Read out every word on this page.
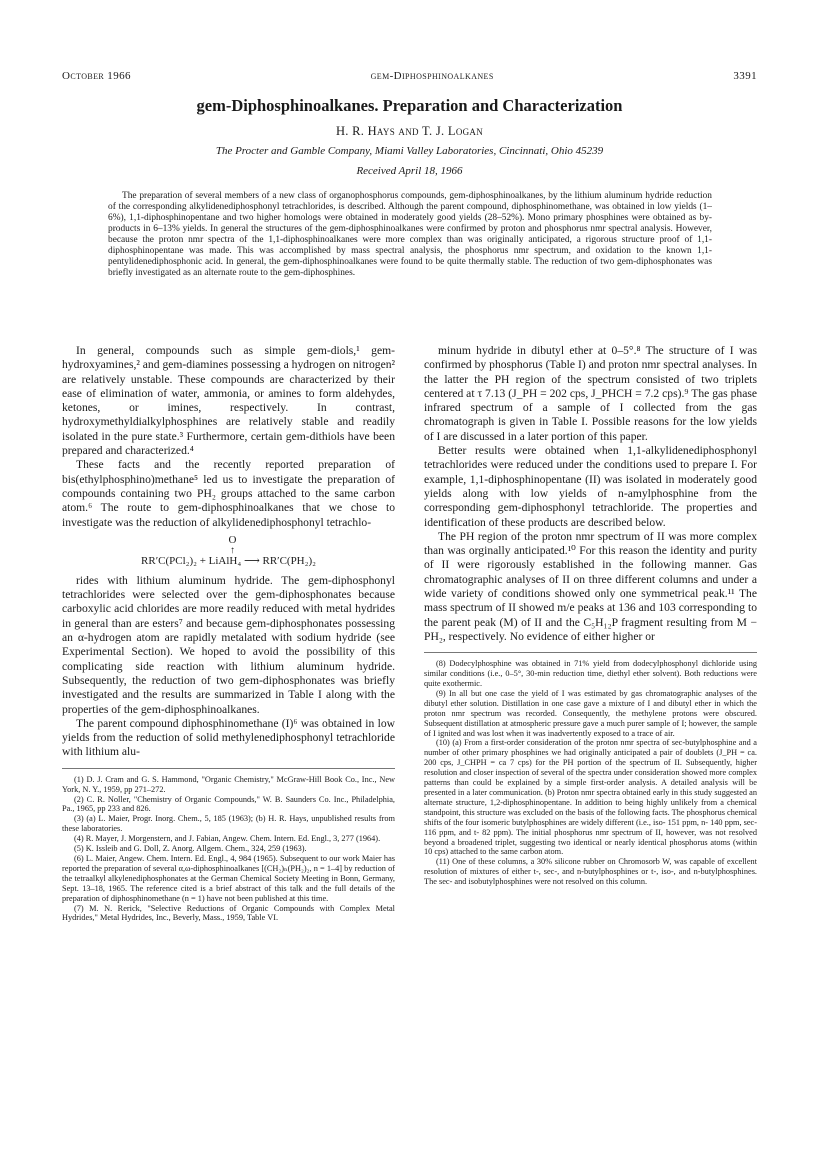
October 1966	gem-Diphosphinoalkanes	3391
gem-Diphosphinoalkanes. Preparation and Characterization

H. R. Hays and T. J. Logan

The Procter and Gamble Company, Miami Valley Laboratories, Cincinnati, Ohio 45239

Received April 18, 1966

The preparation of several members of a new class of organophosphorus compounds, gem-diphosphinoalkanes, by the lithium aluminum hydride reduction of the corresponding alkylidenediphosphonyl tetrachlorides, is described. Although the parent compound, diphosphinomethane, was obtained in low yields (1–6%), 1,1-diphosphinopentane and two higher homologs were obtained in moderately good yields (28–52%). Mono primary phosphines were obtained as by-products in 6–13% yields. In general the structures of the gem-diphosphinoalkanes were confirmed by proton and phosphorus nmr spectral analysis. However, because the proton nmr spectra of the 1,1-diphosphinoalkanes were more complex than was originally anticipated, a rigorous structure proof of 1,1-diphosphinopentane was made. This was accomplished by mass spectral analysis, the phosphorus nmr spectrum, and oxidation to the known 1,1-pentylidenediphosphonic acid. In general, the gem-diphosphinoalkanes were found to be quite thermally stable. The reduction of two gem-diphosphonates was briefly investigated as an alternate route to the gem-diphosphines.

In general, compounds such as simple gem-diols,¹ gem-hydroxyamines,² and gem-diamines possessing a hydrogen on nitrogen² are relatively unstable. These compounds are characterized by their ease of elimination of water, ammonia, or amines to form aldehydes, ketones, or imines, respectively. In contrast, hydroxymethyldialkylphosphines are relatively stable and readily isolated in the pure state.³ Furthermore, certain gem-dithiols have been prepared and characterized.⁴

These facts and the recently reported preparation of bis(ethylphosphino)methane⁵ led us to investigate the preparation of compounds containing two PH₂ groups attached to the same carbon atom.⁶ The route to gem-diphosphinoalkanes that we chose to investigate was the reduction of alkylidenediphosphonyl tetrachlo-

O
↑
RR′C(PCl₂)₂ + LiAlH₄ ⟶ RR′C(PH₂)₂

rides with lithium aluminum hydride. The gem-diphosphonyl tetrachlorides were selected over the gem-diphosphonates because carboxylic acid chlorides are more readily reduced with metal hydrides in general than are esters⁷ and because gem-diphosphonates possessing an α-hydrogen atom are rapidly metalated with sodium hydride (see Experimental Section). We hoped to avoid the possibility of this complicating side reaction with lithium aluminum hydride. Subsequently, the reduction of two gem-diphosphonates was briefly investigated and the results are summarized in Table I along with the properties of the gem-diphosphinoalkanes.

The parent compound diphosphinomethane (I)⁶ was obtained in low yields from the reduction of solid methylenediphosphonyl tetrachloride with lithium alu-

(1) D. J. Cram and G. S. Hammond, "Organic Chemistry," McGraw-Hill Book Co., Inc., New York, N. Y., 1959, pp 271–272.

(2) C. R. Noller, "Chemistry of Organic Compounds," W. B. Saunders Co. Inc., Philadelphia, Pa., 1965, pp 233 and 826.

(3) (a) L. Maier, Progr. Inorg. Chem., 5, 185 (1963); (b) H. R. Hays, unpublished results from these laboratories.

(4) R. Mayer, J. Morgenstern, and J. Fabian, Angew. Chem. Intern. Ed. Engl., 3, 277 (1964).

(5) K. Issleib and G. Doll, Z. Anorg. Allgem. Chem., 324, 259 (1963).

(6) L. Maier, Angew. Chem. Intern. Ed. Engl., 4, 984 (1965). Subsequent to our work Maier has reported the preparation of several α,ω-diphosphinoalkanes [(CH₂)ₙ(PH₂)₂, n = 1–4] by reduction of the tetraalkyl alkylenediphosphonates at the German Chemical Society Meeting in Bonn, Germany, Sept. 13–18, 1965. The reference cited is a brief abstract of this talk and the full details of the preparation of diphosphinomethane (n = 1) have not been published at this time.

(7) M. N. Rerick, "Selective Reductions of Organic Compounds with Complex Metal Hydrides," Metal Hydrides, Inc., Beverly, Mass., 1959, Table VI.

minum hydride in dibutyl ether at 0–5°.⁸ The structure of I was confirmed by phosphorus (Table I) and proton nmr spectral analyses. In the latter the PH region of the spectrum consisted of two triplets centered at τ 7.13 (J_PH = 202 cps, J_PHCH = 7.2 cps).⁹ The gas phase infrared spectrum of a sample of I collected from the gas chromatograph is given in Table I. Possible reasons for the low yields of I are discussed in a later portion of this paper.

Better results were obtained when 1,1-alkylidenediphosphonyl tetrachlorides were reduced under the conditions used to prepare I. For example, 1,1-diphosphinopentane (II) was isolated in moderately good yields along with low yields of n-amylphosphine from the corresponding gem-diphosphonyl tetrachloride. The properties and identification of these products are described below.

The PH region of the proton nmr spectrum of II was more complex than was orginally anticipated.¹⁰ For this reason the identity and purity of II were rigorously established in the following manner. Gas chromatographic analyses of II on three different columns and under a wide variety of conditions showed only one symmetrical peak.¹¹ The mass spectrum of II showed m/e peaks at 136 and 103 corresponding to the parent peak (M) of II and the C₅H₁₂P fragment resulting from M − PH₂, respectively. No evidence of either higher or

(8) Dodecylphosphine was obtained in 71% yield from dodecylphosphonyl dichloride using similar conditions (i.e., 0–5°, 30-min reduction time, diethyl ether solvent). Both reductions were quite exothermic.

(9) In all but one case the yield of I was estimated by gas chromatographic analyses of the dibutyl ether solution. Distillation in one case gave a mixture of I and dibutyl ether in which the proton nmr spectrum was recorded. Consequently, the methylene protons were obscured. Subsequent distillation at atmospheric pressure gave a much purer sample of I; however, the sample of I ignited and was lost when it was inadvertently exposed to a trace of air.

(10) (a) From a first-order consideration of the proton nmr spectra of sec-butylphosphine and a number of other primary phosphines we had originally anticipated a pair of doublets (J_PH = ca. 200 cps, J_CHPH = ca 7 cps) for the PH portion of the spectrum of II. Subsequently, higher resolution and closer inspection of several of the spectra under consideration showed more complex patterns than could be explained by a simple first-order analysis. A detailed analysis will be presented in a later communication. (b) Proton nmr spectra obtained early in this study suggested an alternate structure, 1,2-diphosphinopentane. In addition to being highly unlikely from a chemical standpoint, this structure was excluded on the basis of the following facts. The phosphorus chemical shifts of the four isomeric butylphosphines are widely different (i.e., iso- 151 ppm, n- 140 ppm, sec- 116 ppm, and t- 82 ppm). The initial phosphorus nmr spectrum of II, however, was not resolved beyond a broadened triplet, suggesting two identical or nearly identical phosphorus atoms (within 10 cps) attached to the same carbon atom.

(11) One of these columns, a 30% silicone rubber on Chromosorb W, was capable of excellent resolution of mixtures of either t-, sec-, and n-butylphosphines or t-, iso-, and n-butylphosphines. The sec- and isobutylphosphines were not resolved on this column.
